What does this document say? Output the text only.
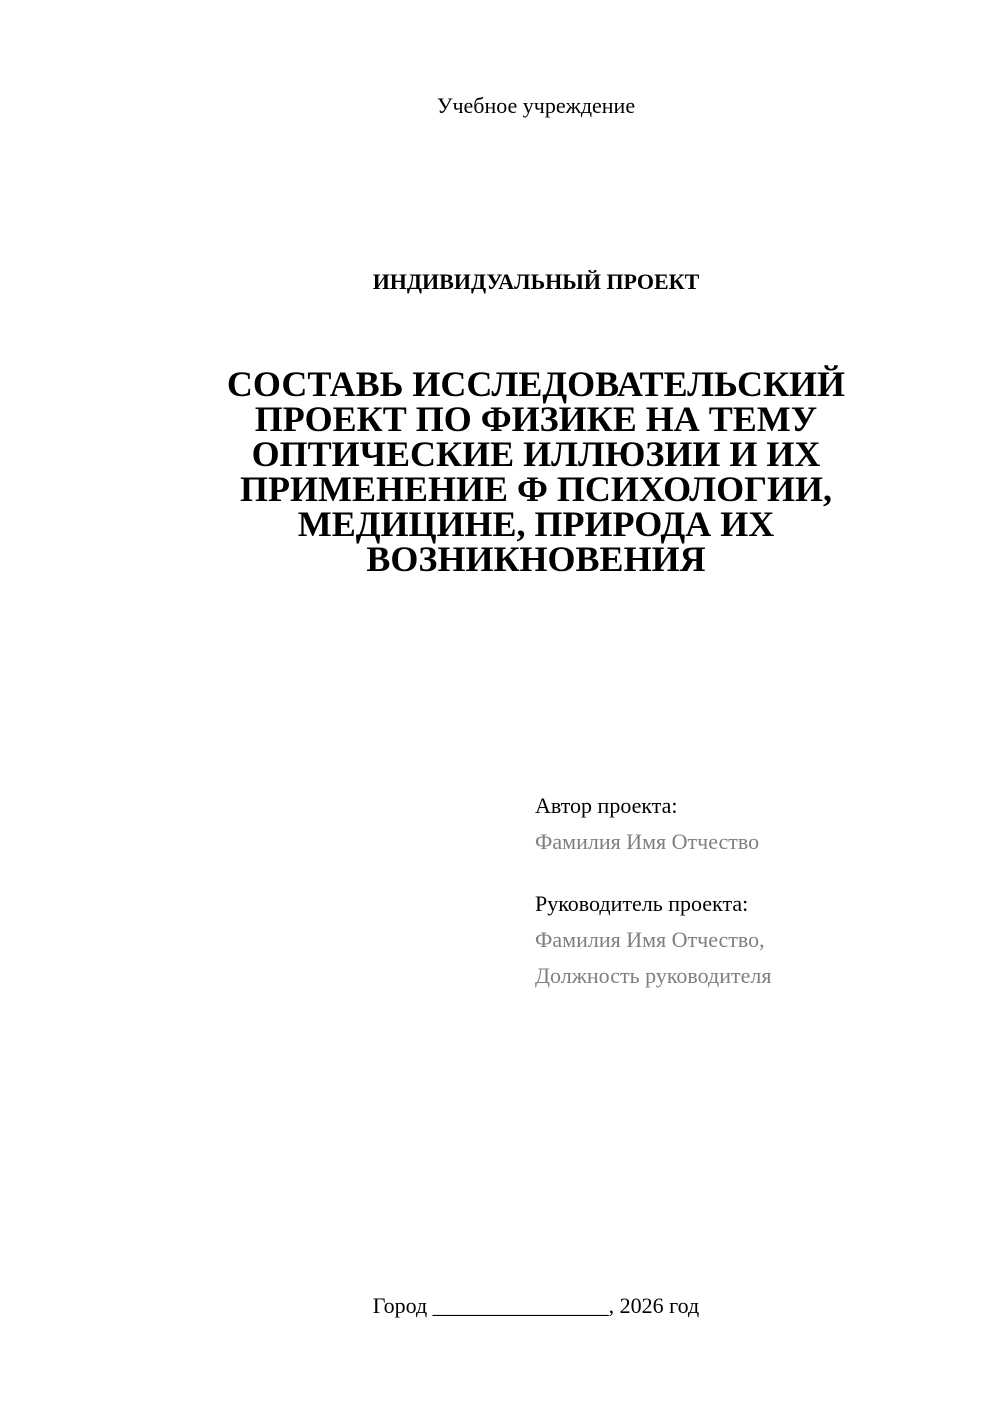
Учебное учреждение
ИНДИВИДУАЛЬНЫЙ ПРОЕКТ
СОСТАВЬ ИССЛЕДОВАТЕЛЬСКИЙ
ПРОЕКТ ПО ФИЗИКЕ НА ТЕМУ
ОПТИЧЕСКИЕ ИЛЛЮЗИИ И ИХ
ПРИМЕНЕНИЕ Ф ПСИХОЛОГИИ,
МЕДИЦИНЕ, ПРИРОДА ИХ
ВОЗНИКНОВЕНИЯ
Автор проекта:
Фамилия Имя Отчество
Руководитель проекта:
Фамилия Имя Отчество,
Должность руководителя
Город ________________, 2026 год
